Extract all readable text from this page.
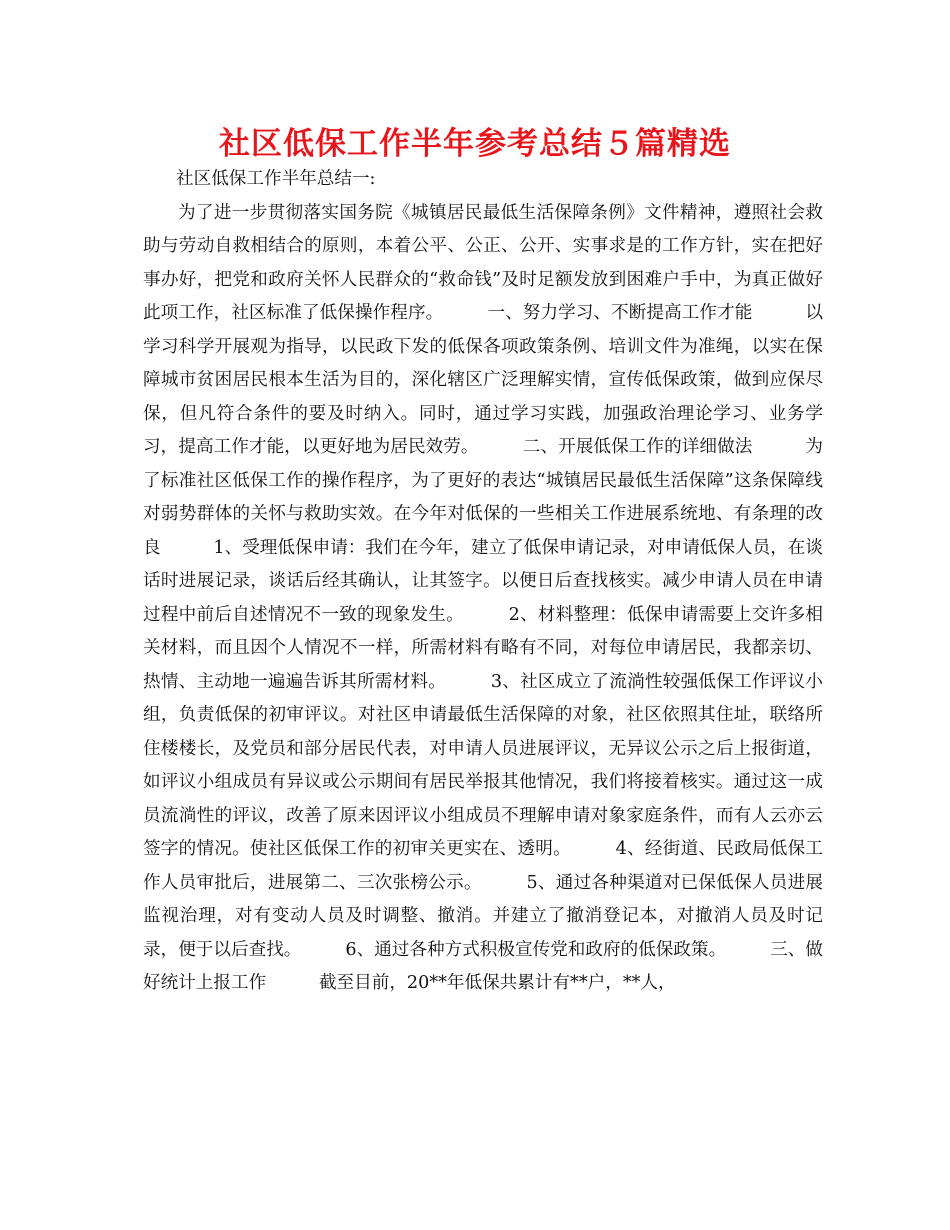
社区低保工作半年参考总结５篇精选

社区低保工作半年总结一:

为了进一步贯彻落实国务院《城镇居民最低生活保障条例》文件精神，遵照社会救助与劳动自救相结合的原则，本着公平、公正、公开、实事求是的工作方针，实在把好事办好，把党和政府关怀人民群众的“救命钱”及时足额发放到困难户手中，为真正做好此项工作，社区标准了低保操作程序。　　　一、努力学习、不断提高工作才能　　　以学习科学开展观为指导，以民政下发的低保各项政策条例、培训文件为准绳，以实在保障城市贫困居民根本生活为目的，深化辖区广泛理解实情，宣传低保政策，做到应保尽保，但凡符合条件的要及时纳入。同时，通过学习实践，加强政治理论学习、业务学习，提高工作才能，以更好地为居民效劳。　　　二、开展低保工作的详细做法　　　为了标准社区低保工作的操作程序，为了更好的表达“城镇居民最低生活保障”这条保障线对弱势群体的关怀与救助实效。在今年对低保的一些相关工作进展系统地、有条理的改良　　　1、受理低保申请：我们在今年，建立了低保申请记录，对申请低保人员，在谈话时进展记录，谈话后经其确认，让其签字。以便日后查找核实。减少申请人员在申请过程中前后自述情况不一致的现象发生。　　　2、材料整理：低保申请需要上交许多相关材料，而且因个人情况不一样，所需材料有略有不同，对每位申请居民，我都亲切、热情、主动地一遍遍告诉其所需材料。　　　3、社区成立了流淌性较强低保工作评议小组，负责低保的初审评议。对社区申请最低生活保障的对象，社区依照其住址，联络所住楼楼长，及党员和部分居民代表，对申请人员进展评议，无异议公示之后上报街道，如评议小组成员有异议或公示期间有居民举报其他情况，我们将接着核实。通过这一成员流淌性的评议，改善了原来因评议小组成员不理解申请对象家庭条件，而有人云亦云签字的情况。使社区低保工作的初审关更实在、透明。　　　4、经街道、民政局低保工作人员审批后，进展第二、三次张榜公示。　　　5、通过各种渠道对已保低保人员进展监视治理，对有变动人员及时调整、撤消。并建立了撤消登记本，对撤消人员及时记录，便于以后查找。　　　6、通过各种方式积极宣传党和政府的低保政策。　　　三、做好统计上报工作　　　截至目前，20**年低保共累计有**户，**人，
